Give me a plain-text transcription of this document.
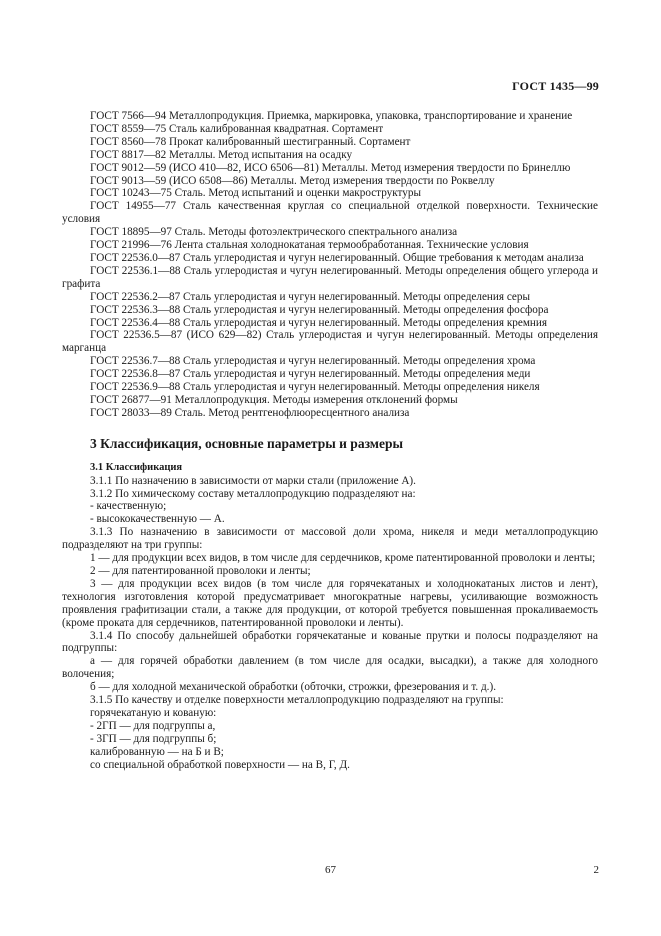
ГОСТ 1435—99

ГОСТ 7566—94 Металлопродукция. Приемка, маркировка, упаковка, транспортирование и хранение

ГОСТ 8559—75 Сталь калиброванная квадратная. Сортамент

ГОСТ 8560—78 Прокат калиброванный шестигранный. Сортамент

ГОСТ 8817—82 Металлы. Метод испытания на осадку

ГОСТ 9012—59 (ИСО 410—82, ИСО 6506—81) Металлы. Метод измерения твердости по Бринеллю

ГОСТ 9013—59 (ИСО 6508—86) Металлы. Метод измерения твердости по Роквеллу

ГОСТ 10243—75 Сталь. Метод испытаний и оценки макроструктуры

ГОСТ 14955—77 Сталь качественная круглая со специальной отделкой поверхности. Технические условия

ГОСТ 18895—97 Сталь. Методы фотоэлектрического спектрального анализа

ГОСТ 21996—76 Лента стальная холоднокатаная термообработанная. Технические условия

ГОСТ 22536.0—87 Сталь углеродистая и чугун нелегированный. Общие требования к методам анализа

ГОСТ 22536.1—88 Сталь углеродистая и чугун нелегированный. Методы определения общего углерода и графита

ГОСТ 22536.2—87 Сталь углеродистая и чугун нелегированный. Методы определения серы

ГОСТ 22536.3—88 Сталь углеродистая и чугун нелегированный. Методы определения фосфора

ГОСТ 22536.4—88 Сталь углеродистая и чугун нелегированный. Методы определения кремния

ГОСТ 22536.5—87 (ИСО 629—82) Сталь углеродистая и чугун нелегированный. Методы определения марганца

ГОСТ 22536.7—88 Сталь углеродистая и чугун нелегированный. Методы определения хрома

ГОСТ 22536.8—87 Сталь углеродистая и чугун нелегированный. Методы определения меди

ГОСТ 22536.9—88 Сталь углеродистая и чугун нелегированный. Методы определения никеля

ГОСТ 26877—91 Металлопродукция. Методы измерения отклонений формы

ГОСТ 28033—89 Сталь. Метод рентгенофлюоресцентного анализа

3 Классификация, основные параметры и размеры

3.1 Классификация

3.1.1 По назначению в зависимости от марки стали (приложение А).

3.1.2 По химическому составу металлопродукцию подразделяют на:

- качественную;

- высококачественную — А.

3.1.3 По назначению в зависимости от массовой доли хрома, никеля и меди металлопродукцию подразделяют на три группы:

1 — для продукции всех видов, в том числе для сердечников, кроме патентированной проволоки и ленты;

2 — для патентированной проволоки и ленты;

3 — для продукции всех видов (в том числе для горячекатаных и холоднокатаных листов и лент), технология изготовления которой предусматривает многократные нагревы, усиливающие возможность проявления графитизации стали, а также для продукции, от которой требуется повышенная прокаливаемость (кроме проката для сердечников, патентированной проволоки и ленты).

3.1.4 По способу дальнейшей обработки горячекатаные и кованые прутки и полосы подразделяют на подгруппы:

а — для горячей обработки давлением (в том числе для осадки, высадки), а также для холодного волочения;

б — для холодной механической обработки (обточки, строжки, фрезерования и т. д.).

3.1.5 По качеству и отделке поверхности металлопродукцию подразделяют на группы:

горячекатаную и кованую:

- 2ГП — для подгруппы а,

- 3ГП — для подгруппы б;

калиброванную — на Б и В;

со специальной обработкой поверхности — на В, Г, Д.

67	2
